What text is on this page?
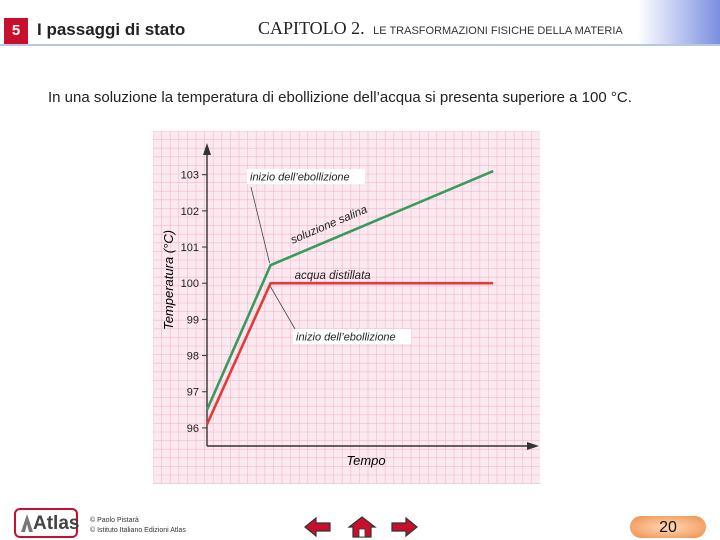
5 I passaggi di stato	CAPITOLO 2. LE TRASFORMAZIONI FISICHE DELLA MATERIA
In una soluzione la temperatura di ebollizione dell’acqua si presenta superiore a 100 °C.
96
97
98
99
100
101
102
103	inizio dell’ebollizione
inizio dell’ebollizione
soluzione salina
acqua distillata
Temperatura (°C)
Tempo
Atlas © Paolo Pistarà
© Istituto Italiano Edizioni Atlas	20
